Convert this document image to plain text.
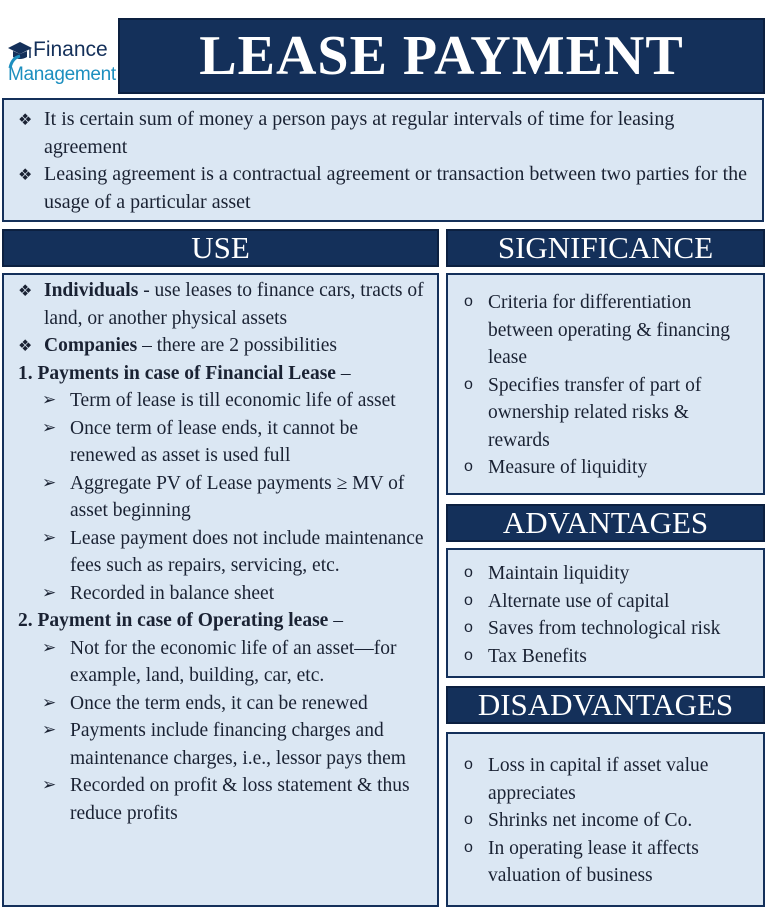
Finance
Management	LEASE PAYMENT
❖ It is certain sum of money a person pays at regular intervals of time for leasing agreement
❖ Leasing agreement is a contractual agreement or transaction between two parties for the usage of a particular asset
USE
❖ Individuals - use leases to finance cars, tracts of land, or another physical assets
❖ Companies – there are 2 possibilities
1. Payments in case of Financial Lease –
➢ Term of lease is till economic life of asset
➢ Once term of lease ends, it cannot be renewed as asset is used full
➢ Aggregate PV of Lease payments ≥ MV of asset beginning
➢ Lease payment does not include maintenance fees such as repairs, servicing, etc.
➢ Recorded in balance sheet
2. Payment in case of Operating lease –
➢ Not for the economic life of an asset—for example, land, building, car, etc.
➢ Once the term ends, it can be renewed
➢ Payments include financing charges and maintenance charges, i.e., lessor pays them
➢ Recorded on profit & loss statement & thus reduce profits
SIGNIFICANCE
o Criteria for differentiation between operating & financing lease
o Specifies transfer of part of ownership related risks & rewards
o Measure of liquidity
ADVANTAGES
o Maintain liquidity
o Alternate use of capital
o Saves from technological risk
o Tax Benefits
DISADVANTAGES
o Loss in capital if asset value appreciates
o Shrinks net income of Co.
o In operating lease it affects valuation of business
